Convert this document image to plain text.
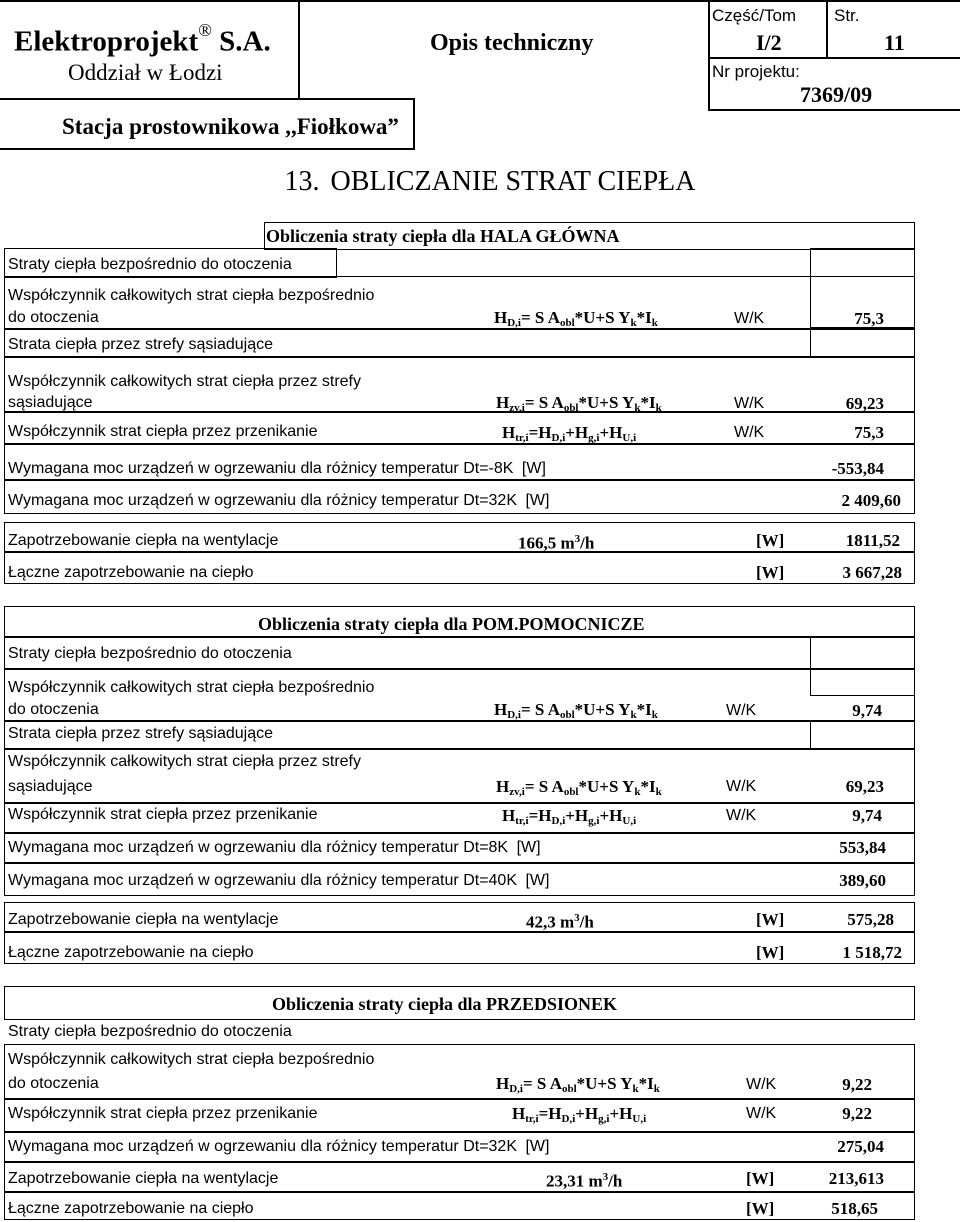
Elektroprojekt® S.A.
Oddział w Łodzi
Stacja prostownikowa ,,Fiołkowa”
Opis techniczny
Część/Tom
I/2
Str.
11
Nr projektu:
7369/09
13. OBLICZANIE STRAT CIEPŁA
Obliczenia straty ciepła dla HALA GŁÓWNA
Straty ciepła bezpośrednio do otoczenia
Współczynnik całkowitych strat ciepła bezpośrednio
do otoczenia	$H_{D,i}= S$ $A_{obl}*U+S$ $Y_k*I_k$	W/K	75,3
Strata ciepła przez strefy sąsiadujące
Współczynnik całkowitych strat ciepła przez strefy
sąsiadujące	$H_{zv,i}= S$ $A_{obl}*U+S$ $Y_k*I_k$	W/K	69,23
Współczynnik strat ciepła przez przenikanie	$H_{tr,i}=H_{D,i}+H_{g,i}+H_{U,i}$	W/K	75,3
Wymagana moc urządzeń w ogrzewaniu dla różnicy temperatur Dt=-8K [W]	-553,84
Wymagana moc urządzeń w ogrzewaniu dla różnicy temperatur Dt=32K [W]	2 409,60
Zapotrzebowanie ciepła na wentylacje	166,5 $m^3/h$	[W]	1811,52
Łączne zapotrzebowanie na ciepło	[W]	3 667,28
Obliczenia straty ciepła dla POM.POMOCNICZE
Straty ciepła bezpośrednio do otoczenia
Współczynnik całkowitych strat ciepła bezpośrednio
do otoczenia	$H_{D,i}= S$ $A_{obl}*U+S$ $Y_k*I_k$	W/K	9,74
Strata ciepła przez strefy sąsiadujące
Współczynnik całkowitych strat ciepła przez strefy
sąsiadujące	$H_{zv,i}= S$ $A_{obl}*U+S$ $Y_k*I_k$	W/K	69,23
Współczynnik strat ciepła przez przenikanie	$H_{tr,i}=H_{D,i}+H_{g,i}+H_{U,i}$	W/K	9,74
Wymagana moc urządzeń w ogrzewaniu dla różnicy temperatur Dt=8K [W]	553,84
Wymagana moc urządzeń w ogrzewaniu dla różnicy temperatur Dt=40K [W]	389,60
Zapotrzebowanie ciepła na wentylacje	42,3 $m^3/h$	[W]	575,28
Łączne zapotrzebowanie na ciepło	[W]	1 518,72
Obliczenia straty ciepła dla PRZEDSIONEK
Straty ciepła bezpośrednio do otoczenia
Współczynnik całkowitych strat ciepła bezpośrednio
do otoczenia	$H_{D,i}= S$ $A_{obl}*U+S$ $Y_k*I_k$	W/K	9,22
Współczynnik strat ciepła przez przenikanie	$H_{tr,i}=H_{D,i}+H_{g,i}+H_{U,i}$	W/K	9,22
Wymagana moc urządzeń w ogrzewaniu dla różnicy temperatur Dt=32K [W]	275,04
Zapotrzebowanie ciepła na wentylacje	23,31 $m^3/h$	[W]	213,613
Łączne zapotrzebowanie na ciepło	[W]	518,65
